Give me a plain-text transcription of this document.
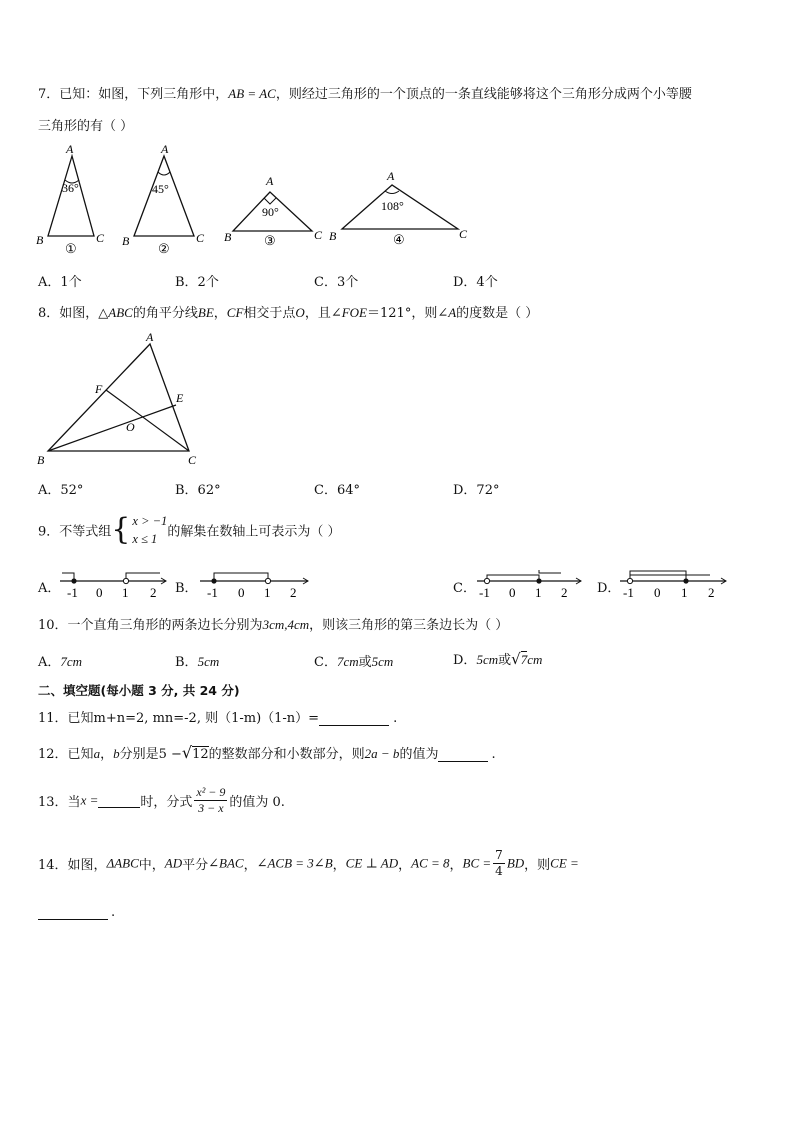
7．已知：如图，下列三角形中，AB = AC，则经过三角形的一个顶点的一条直线能够将这个三角形分成两个小等腰
三角形的有（ ）
A
36°
B	C
①
A
45°
B	C
②
A
90°
B	C
③
A
108°
B	C
④
A．1个	B．2个	C．3个	D．4个
8．如图，△ABC的角平分线BE，CF相交于点O，且∠FOE＝121°，则∠A的度数是（ ）
A
F
E
O
B	C
A．52°	B．62°	C．64°	D．72°
9．不等式组{ x > −1
x ≤ 1 的解集在数轴上可表示为（ ）
A．	B．	C．	D．
-1 0 1 2	-1 0 1 2	-1 0 1 2	-1 0 1 2
10．一个直角三角形的两条边长分别为3cm,4cm，则该三角形的第三条边长为（ ）
A．7cm	B．5cm	C．7cm或5cm	D．5cm或√7cm
二、填空题(每小题 3 分, 共 24 分)
11．已知m+n=2, mn=-2, 则（1-m)（1-n）=	.
12．已知a，b分别是5 −√12的整数部分和小数部分，则2a − b的值为	.
13．当x =	时，分式 $\frac{\text{x² − 9}}{3 - x}$ 的值为 0.
14．如图，ΔABC中，AD平分∠BAC，∠ACB = 3∠B，CE ⊥ AD，AC = 8，BC = $\frac{7}{4}$ BD，则CE =
.
